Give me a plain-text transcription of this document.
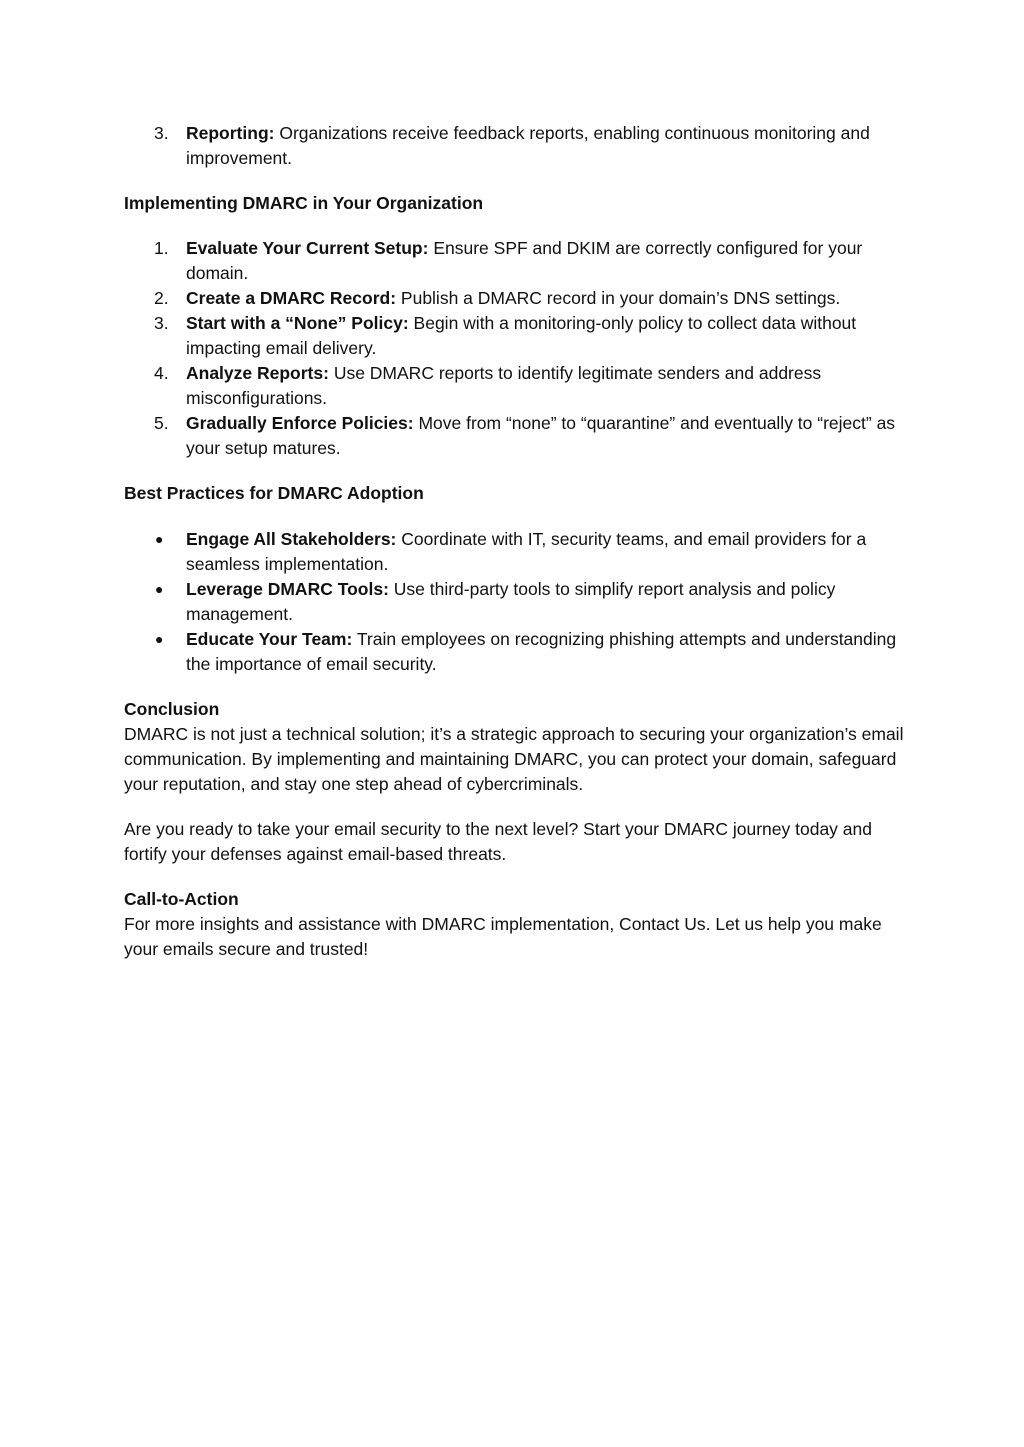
3. Reporting: Organizations receive feedback reports, enabling continuous monitoring and improvement.

Implementing DMARC in Your Organization

1. Evaluate Your Current Setup: Ensure SPF and DKIM are correctly configured for your domain.
2. Create a DMARC Record: Publish a DMARC record in your domain’s DNS settings.
3. Start with a “None” Policy: Begin with a monitoring-only policy to collect data without impacting email delivery.
4. Analyze Reports: Use DMARC reports to identify legitimate senders and address misconfigurations.
5. Gradually Enforce Policies: Move from “none” to “quarantine” and eventually to “reject” as your setup matures.

Best Practices for DMARC Adoption

● Engage All Stakeholders: Coordinate with IT, security teams, and email providers for a seamless implementation.
● Leverage DMARC Tools: Use third-party tools to simplify report analysis and policy management.
● Educate Your Team: Train employees on recognizing phishing attempts and understanding the importance of email security.

Conclusion

DMARC is not just a technical solution; it’s a strategic approach to securing your organization’s email communication. By implementing and maintaining DMARC, you can protect your domain, safeguard your reputation, and stay one step ahead of cybercriminals.

Are you ready to take your email security to the next level? Start your DMARC journey today and fortify your defenses against email-based threats.

Call-to-Action

For more insights and assistance with DMARC implementation, Contact Us. Let us help you make your emails secure and trusted!
